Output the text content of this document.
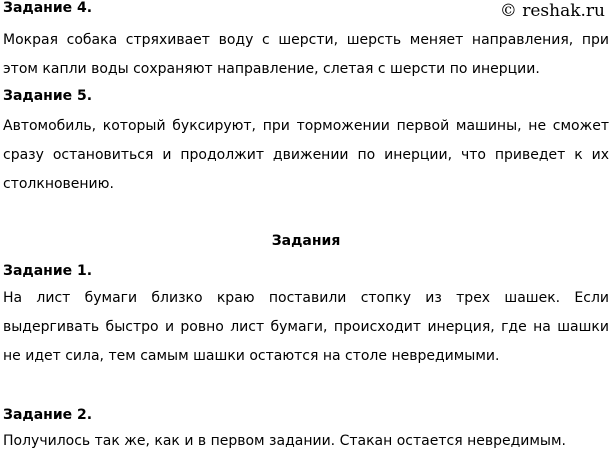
© reshak.ru
Задание 4.
Мокрая собака стряхивает воду с шерсти, шерсть меняет направления, при этом капли воды сохраняют направление, слетая с шерсти по инерции.
Задание 5.
Автомобиль, который буксируют, при торможении первой машины, не сможет сразу остановиться и продолжит движении по инерции, что приведет к их столкновению.
Задания
Задание 1.
На лист бумаги близко краю поставили стопку из трех шашек. Если выдергивать быстро и ровно лист бумаги, происходит инерция, где на шашки не идет сила, тем самым шашки остаются на столе невредимыми.
Задание 2.
Получилось так же, как и в первом задании. Стакан остается невредимым.
